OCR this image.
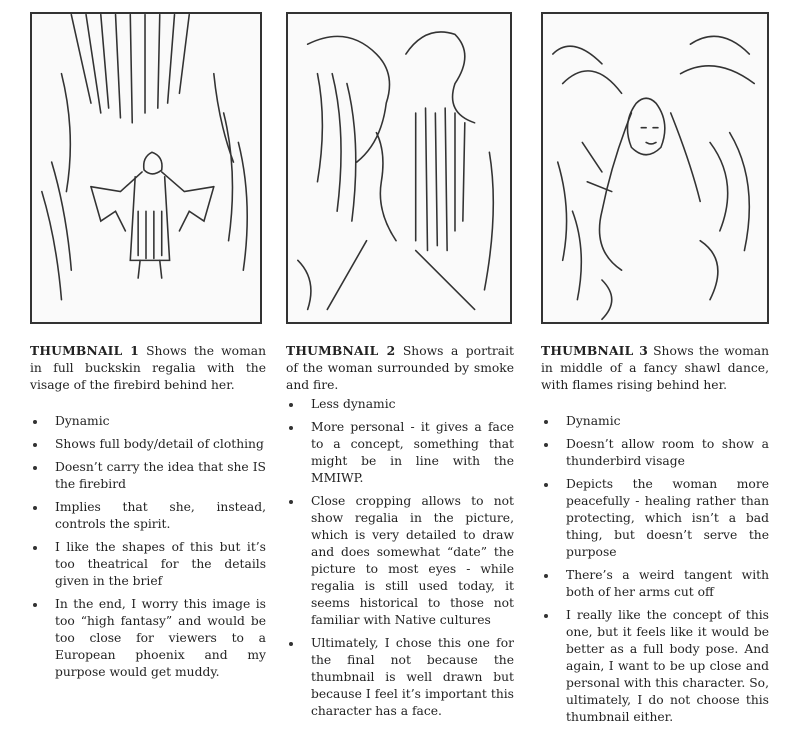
THUMBNAIL 1 Shows the woman in full buckskin regalia with the visage of the firebird behind her.
Dynamic
Shows full body/detail of clothing
Doesn’t carry the idea that she IS the firebird
Implies that she, instead, controls the spirit.
I like the shapes of this but it’s too theatrical for the details given in the brief
In the end, I worry this image is too “high fantasy” and would be too close for viewers to a European phoenix and my purpose would get muddy.
THUMBNAIL 2 Shows a portrait of the woman surrounded by smoke and fire.
Less dynamic
More personal - it gives a face to a concept, something that might be in line with the MMIWP.
Close cropping allows to not show regalia in the picture, which is very detailed to draw and does somewhat “date” the picture to most eyes - while regalia is still used today, it seems historical to those not familiar with Native cultures
Ultimately, I chose this one for the final not because the thumbnail is well drawn but because I feel it’s important this character has a face.
THUMBNAIL 3 Shows the woman in middle of a fancy shawl dance, with flames rising behind her.
Dynamic
Doesn’t allow room to show a thunderbird visage
Depicts the woman more peacefully - healing rather than protecting, which isn’t a bad thing, but doesn’t serve the purpose
There’s a weird tangent with both of her arms cut off
I really like the concept of this one, but it feels like it would be better as a full body pose. And again, I want to be up close and personal with this character. So, ultimately, I do not choose this thumbnail either.
